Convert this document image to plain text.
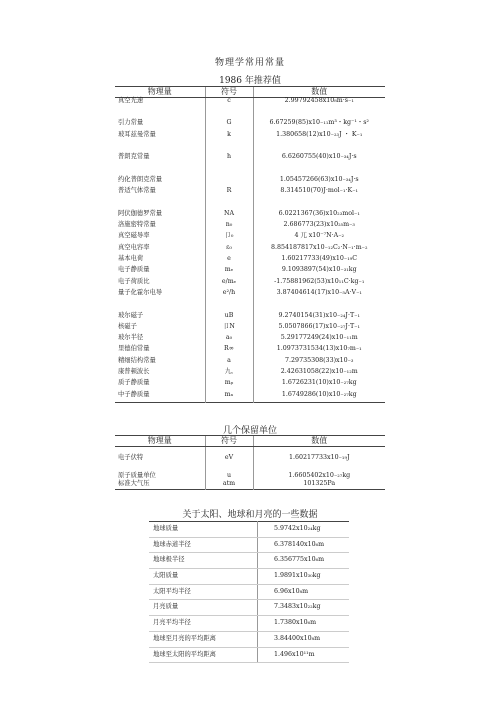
物理学常用常量
1986 年推荐值
物理量	符号	数值
真空光速	c	2.99792458x10₈m·s₋₁

引力常量	G	6.67259(85)x10₋₁₁m³・kg⁻¹・s²
玻耳兹曼常量	k	1.380658(12)x10₋₂₃J ・ K₋₁

普朗克常量	h	6.6260755(40)x10₋₃₄J·s

约化普朗克常量		1.05457266(63)x10₋₃₄J·s
普适气体常量	R	8.314510(70)J·mol₋₁·K₋₁

阿伏伽德罗常量	NA	6.0221367(36)x10₂₃mol₋₁
洛施密特常量	n₀	2.686773(23)x10₂₅m₋₃
真空磁导率	卩₀	4 兀 x10⁻⁷N·A₋₂
真空电容率	ε₀	8.854187817x10₋₁₂C₂·N₋₁·m₋₂
基本电荷	e	1.60217733(49)x10₋₁₉C
电子静质量	mₑ	9.1093897(54)x10₋₃₁kg
电子荷质比	e/mₑ	-1.75881962(53)x10₁₁C·kg₋₁
量子化霍尔电导	e²/h	3.87404614(17)x10₋₅A·V₋₁

玻尔磁子	uB	9.2740154(31)x10₋₂₄J·T₋₁
核磁子	卩N	5.0507866(17)x10₋₂₇J·T₋₁
玻尔半径	a₀	5.29177249(24)x10₋₁₁m
里德伯常量	R∞	1.0973731534(13)x10₇m₋₁
精细结构常量	a	7.29735308(33)x10₋₃
康普顿波长	九꜀	2.42631058(22)x10₋₁₂m
质子静质量	mₚ	1.6726231(10)x10₋₂₇kg
中子静质量	mₙ	1.6749286(10)x10₋₂₇kg
几个保留单位
物理量	符号	数值

电子伏特	eV	1.60217733x10₋₁₉J

原子质量单位	u	1.6605402x10₋₂₇kg
标准大气压	atm	101325Pa
关于太阳、地球和月亮的一些数据
地球质量	5.9742x10₂₄kg
地球赤道半径	6.378140x10₆m
地球极半径	6.356775x10₆m
太阳质量	1.9891x10₃₀kg
太阳平均半径	6.96x10₈m
月亮质量	7.3483x10₂₂kg
月亮平均半径	1.7380x10₆m
地球至月亮的平均距离	3.84400x10₈m
地球至太阳的平均距离	1.496x10¹¹m
